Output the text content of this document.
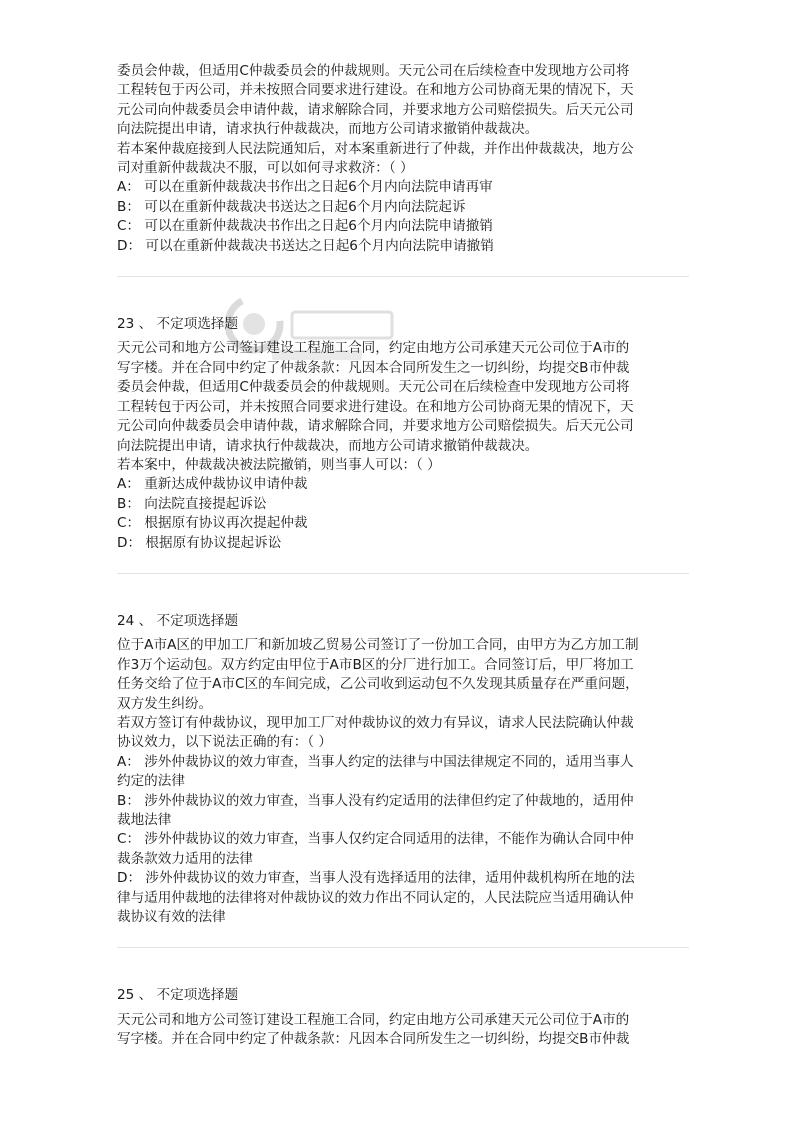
委员会仲裁，但适用C仲裁委员会的仲裁规则。天元公司在后续检查中发现地方公司将
工程转包于丙公司，并未按照合同要求进行建设。在和地方公司协商无果的情况下，天
元公司向仲裁委员会申请仲裁，请求解除合同，并要求地方公司赔偿损失。后天元公司
向法院提出申请，请求执行仲裁裁决，而地方公司请求撤销仲裁裁决。
若本案仲裁庭接到人民法院通知后，对本案重新进行了仲裁，并作出仲裁裁决，地方公
司对重新仲裁裁决不服，可以如何寻求救济：（ ）
A： 可以在重新仲裁裁决书作出之日起6个月内向法院申请再审
B： 可以在重新仲裁裁决书送达之日起6个月内向法院起诉
C： 可以在重新仲裁裁决书作出之日起6个月内向法院申请撤销
D： 可以在重新仲裁裁决书送达之日起6个月内向法院申请撤销
23 、 不定项选择题
天元公司和地方公司签订建设工程施工合同，约定由地方公司承建天元公司位于A市的
写字楼。并在合同中约定了仲裁条款：凡因本合同所发生之一切纠纷，均提交B市仲裁
委员会仲裁，但适用C仲裁委员会的仲裁规则。天元公司在后续检查中发现地方公司将
工程转包于丙公司，并未按照合同要求进行建设。在和地方公司协商无果的情况下，天
元公司向仲裁委员会申请仲裁，请求解除合同，并要求地方公司赔偿损失。后天元公司
向法院提出申请，请求执行仲裁裁决，而地方公司请求撤销仲裁裁决。
若本案中，仲裁裁决被法院撤销，则当事人可以：（ ）
A： 重新达成仲裁协议申请仲裁
B： 向法院直接提起诉讼
C： 根据原有协议再次提起仲裁
D： 根据原有协议提起诉讼
24 、 不定项选择题
位于A市A区的甲加工厂和新加坡乙贸易公司签订了一份加工合同，由甲方为乙方加工制
作3万个运动包。双方约定由甲位于A市B区的分厂进行加工。合同签订后，甲厂将加工
任务交给了位于A市C区的车间完成，乙公司收到运动包不久发现其质量存在严重问题，
双方发生纠纷。
若双方签订有仲裁协议，现甲加工厂对仲裁协议的效力有异议，请求人民法院确认仲裁
协议效力，以下说法正确的有：（ ）
A： 涉外仲裁协议的效力审查，当事人约定的法律与中国法律规定不同的，适用当事人
约定的法律
B： 涉外仲裁协议的效力审查，当事人没有约定适用的法律但约定了仲裁地的，适用仲
裁地法律
C： 涉外仲裁协议的效力审查，当事人仅约定合同适用的法律，不能作为确认合同中仲
裁条款效力适用的法律
D： 涉外仲裁协议的效力审查，当事人没有选择适用的法律，适用仲裁机构所在地的法
律与适用仲裁地的法律将对仲裁协议的效力作出不同认定的，人民法院应当适用确认仲
裁协议有效的法律
25 、 不定项选择题
天元公司和地方公司签订建设工程施工合同，约定由地方公司承建天元公司位于A市的
写字楼。并在合同中约定了仲裁条款：凡因本合同所发生之一切纠纷，均提交B市仲裁
